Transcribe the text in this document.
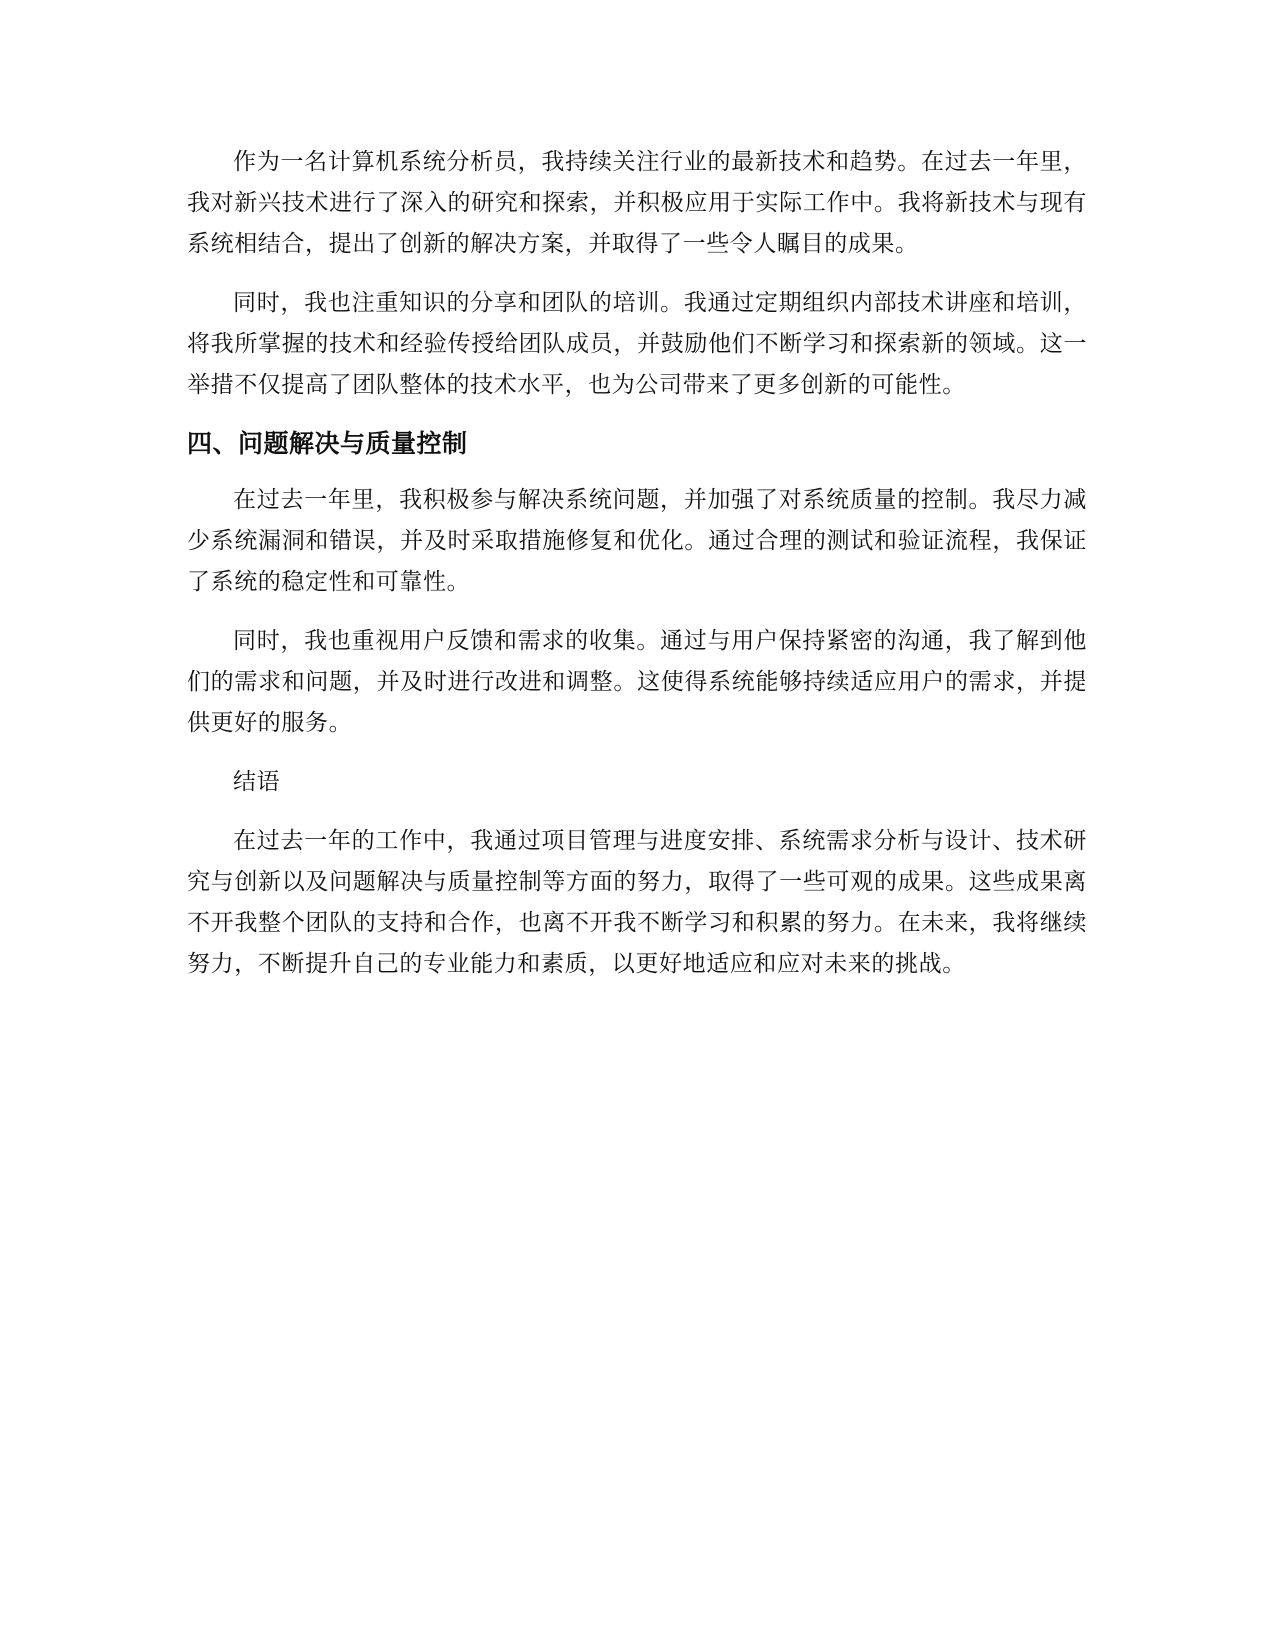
作为一名计算机系统分析员，我持续关注行业的最新技术和趋势。在过去一年里，我对新兴技术进行了深入的研究和探索，并积极应用于实际工作中。我将新技术与现有系统相结合，提出了创新的解决方案，并取得了一些令人瞩目的成果。

同时，我也注重知识的分享和团队的培训。我通过定期组织内部技术讲座和培训，将我所掌握的技术和经验传授给团队成员，并鼓励他们不断学习和探索新的领域。这一举措不仅提高了团队整体的技术水平，也为公司带来了更多创新的可能性。

四、问题解决与质量控制

在过去一年里，我积极参与解决系统问题，并加强了对系统质量的控制。我尽力减少系统漏洞和错误，并及时采取措施修复和优化。通过合理的测试和验证流程，我保证了系统的稳定性和可靠性。

同时，我也重视用户反馈和需求的收集。通过与用户保持紧密的沟通，我了解到他们的需求和问题，并及时进行改进和调整。这使得系统能够持续适应用户的需求，并提供更好的服务。

结语

在过去一年的工作中，我通过项目管理与进度安排、系统需求分析与设计、技术研究与创新以及问题解决与质量控制等方面的努力，取得了一些可观的成果。这些成果离不开我整个团队的支持和合作，也离不开我不断学习和积累的努力。在未来，我将继续努力，不断提升自己的专业能力和素质，以更好地适应和应对未来的挑战。
